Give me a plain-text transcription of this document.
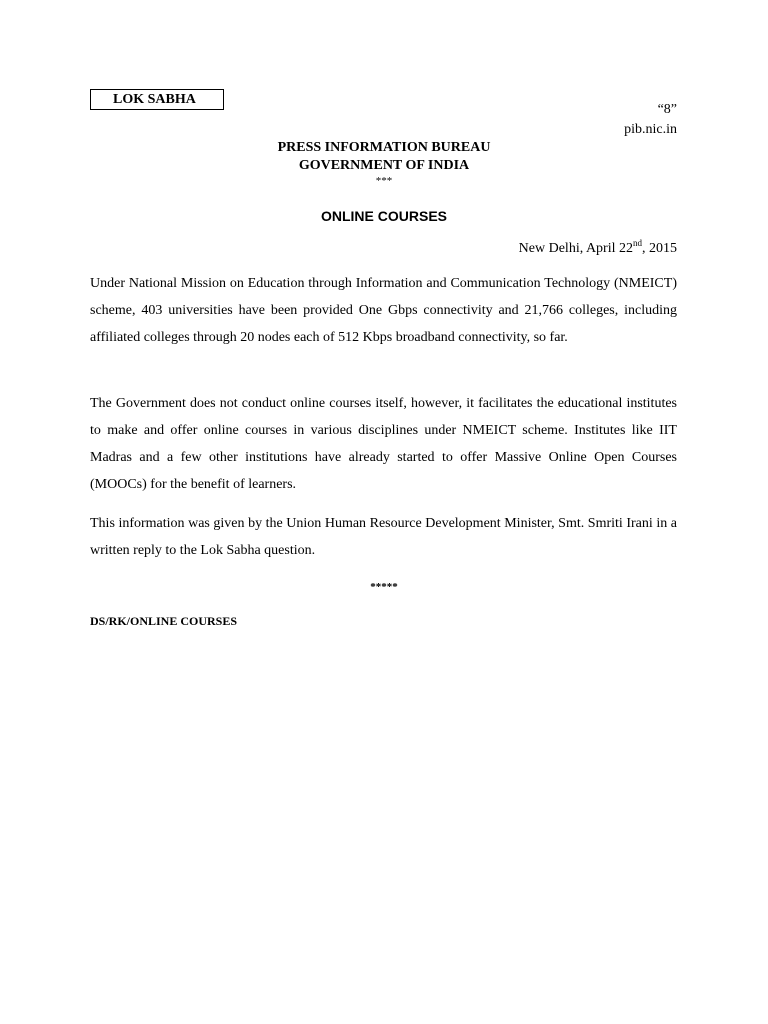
LOK SABHA
“8”
pib.nic.in
PRESS INFORMATION BUREAU
GOVERNMENT OF INDIA
***
ONLINE COURSES
New Delhi, April 22nd, 2015

Under National Mission on Education through Information and Communication Technology (NMEICT) scheme, 403 universities have been provided One Gbps connectivity and 21,766 colleges, including affiliated colleges through 20 nodes each of 512 Kbps broadband connectivity, so far.

The Government does not conduct online courses itself, however, it facilitates the educational institutes to make and offer online courses in various disciplines under NMEICT scheme. Institutes like IIT Madras and a few other institutions have already started to offer Massive Online Open Courses (MOOCs) for the benefit of learners.

This information was given by the Union Human Resource Development Minister, Smt. Smriti Irani in a written reply to the Lok Sabha question.

*****
DS/RK/ONLINE COURSES
